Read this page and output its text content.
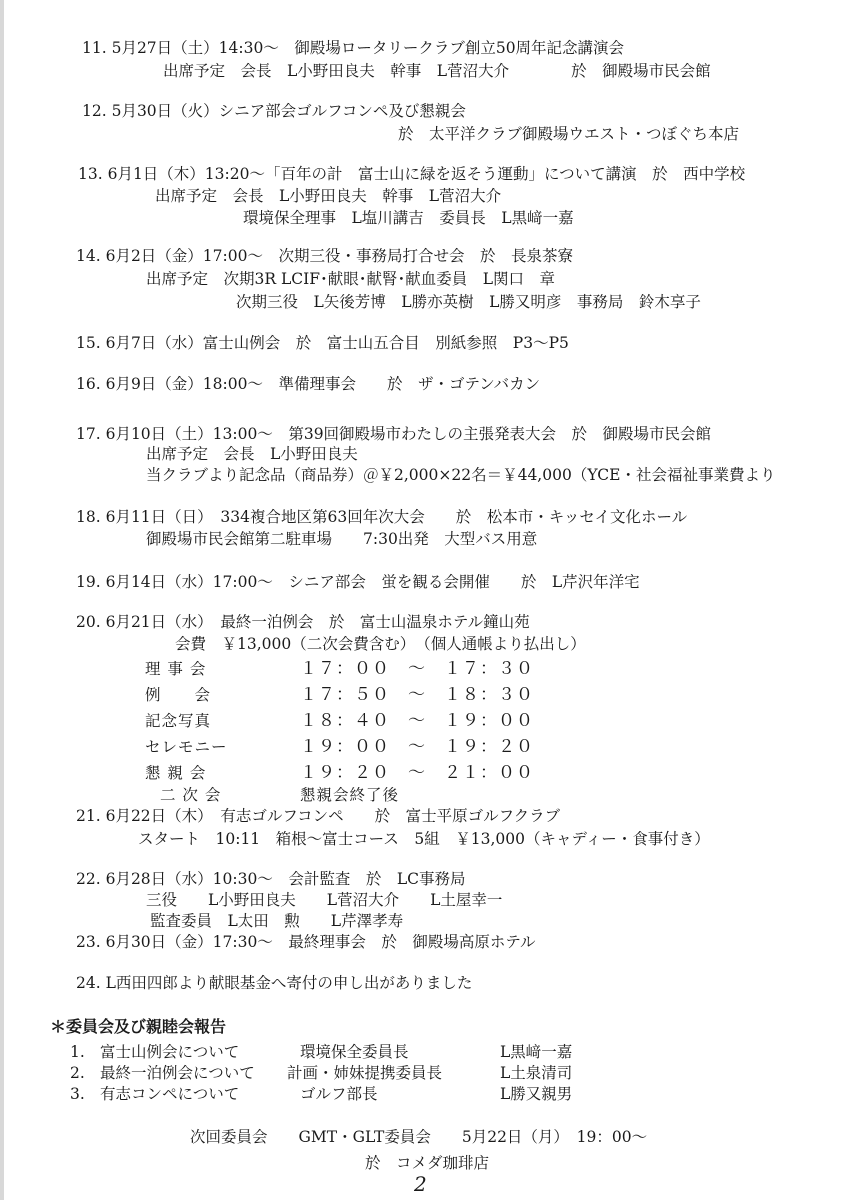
11. 5月27日（土）14:30～　御殿場ロータリークラブ創立50周年記念講演会
出席予定　会長　L小野田良夫　幹事　L菅沼大介　　　　於　御殿場市民会館
12. 5月30日（火）シニア部会ゴルフコンペ及び懇親会
於　太平洋クラブ御殿場ウエスト・つぼぐち本店
13. 6月1日（木）13:20～「百年の計　富士山に緑を返そう運動」について講演　於　西中学校
出席予定　会長　L小野田良夫　幹事　L菅沼大介
環境保全理事　L塩川講吉　委員長　L黒﨑一嘉
14. 6月2日（金）17:00～　次期三役・事務局打合せ会　於　長泉茶寮
出席予定　次期3R LCIF･献眼･献腎･献血委員　L関口　章
次期三役　L矢後芳博　L勝亦英樹　L勝又明彦　事務局　鈴木享子
15. 6月7日（水）富士山例会　於　富士山五合目　別紙参照　P3～P5
16. 6月9日（金）18:00～　準備理事会　　於　ザ・ゴテンバカン
17. 6月10日（土）13:00～　第39回御殿場市わたしの主張発表大会　於　御殿場市民会館
出席予定　会長　L小野田良夫
当クラブより記念品（商品券）＠￥2,000×22名＝￥44,000（YCE・社会福祉事業費より
18. 6月11日（日）　334複合地区第63回年次大会　　於　松本市・キッセイ文化ホール
御殿場市民会館第二駐車場　　7:30出発　大型バス用意
19. 6月14日（水）17:00～　シニア部会　蛍を観る会開催　　於　L芹沢年洋宅
20. 6月21日（水）　最終一泊例会　於　富士山温泉ホテル鐘山苑
会費　￥13,000（二次会費含む）　（個人通帳より払出し）
理 事 会	１７：００　～　１７：３０
例　　会	１７：５０　～　１８：３０
記念写真	１８：４０　～　１９：００
セレモニー	１９：００　～　１９：２０
懇 親 会	１９：２０　～　２１：００
二 次 会	懇親会終了後
21. 6月22日（木）　有志ゴルフコンペ　　於　富士平原ゴルフクラブ
スタート　10:11　箱根～富士コース　5組　￥13,000（キャディー・食事付き）
22. 6月28日（水）10:30～　会計監査　於　LC事務局
三役　　L小野田良夫　　L菅沼大介　　L土屋幸一
監査委員　L太田　勲　　L芹澤孝寿
23. 6月30日（金）17:30～　最終理事会　於　御殿場高原ホテル
24. L西田四郎より献眼基金へ寄付の申し出がありました
＊委員会及び親睦会報告
1. 富士山例会について	環境保全委員長	L黒﨑一嘉
2. 最終一泊例会について 計画・姉妹提携委員長	L土泉清司
3. 有志コンペについて	ゴルフ部長	L勝又親男
次回委員会　　GMT・GLT委員会　　5月22日（月）　19：00～
於　コメダ珈琲店
2
